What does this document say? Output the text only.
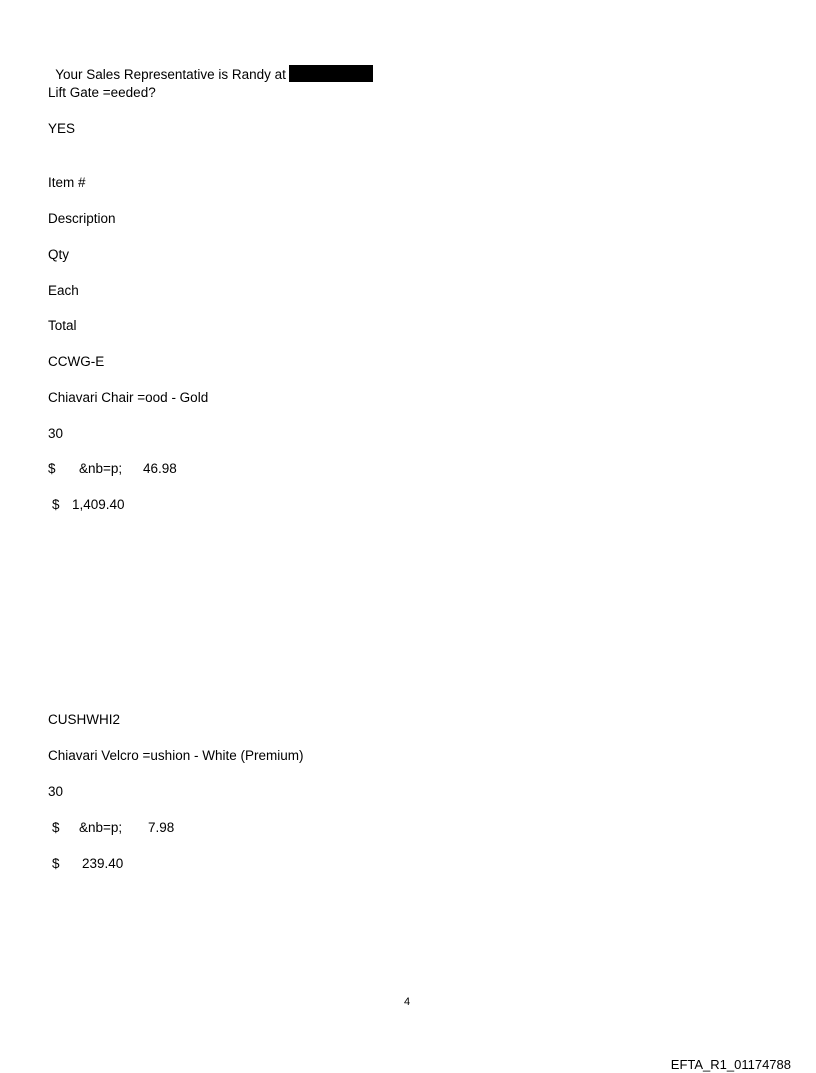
Your Sales Representative is Randy at

Lift Gate =eeded?
YES
Item #
Description
Qty
Each
Total
CCWG-E
Chiavari Chair =ood - Gold
30
$ &nb=p; 46.98
$ 1,409.40
CUSHWHI2
Chiavari Velcro =ushion - White (Premium)
30
$ &nb=p; 7.98
$ 239.40
4
EFTA_R1_01174788
